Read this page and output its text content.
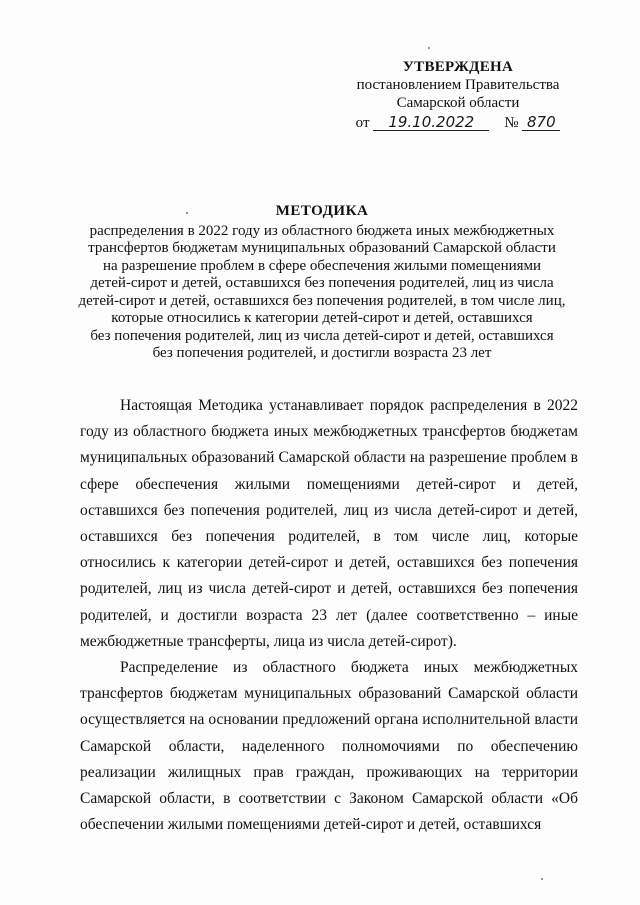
УТВЕРЖДЕНА
постановлением Правительства
Самарской области
от 19.10.2022 № 870
МЕТОДИКА
распределения в 2022 году из областного бюджета иных межбюджетных
трансфертов бюджетам муниципальных образований Самарской области
на разрешение проблем в сфере обеспечения жилыми помещениями
детей-сирот и детей, оставшихся без попечения родителей, лиц из числа
детей-сирот и детей, оставшихся без попечения родителей, в том числе лиц,
которые относились к категории детей-сирот и детей, оставшихся
без попечения родителей, лиц из числа детей-сирот и детей, оставшихся
без попечения родителей, и достигли возраста 23 лет

Настоящая Методика устанавливает порядок распределения в 2022 году из областного бюджета иных межбюджетных трансфертов бюджетам муниципальных образований Самарской области на разрешение проблем в сфере обеспечения жилыми помещениями детей-сирот и детей, оставшихся без попечения родителей, лиц из числа детей-сирот и детей, оставшихся без попечения родителей, в том числе лиц, которые относились к категории детей-сирот и детей, оставшихся без попечения родителей, лиц из числа детей-сирот и детей, оставшихся без попечения родителей, и достигли возраста 23 лет (далее соответственно – иные межбюджетные трансферты, лица из числа детей-сирот).

Распределение из областного бюджета иных межбюджетных трансфертов бюджетам муниципальных образований Самарской области осуществляется на основании предложений органа исполнительной власти Самарской области, наделенного полномочиями по обеспечению реализации жилищных прав граждан, проживающих на территории Самарской области, в соответствии с Законом Самарской области «Об обеспечении жилыми помещениями детей-сирот и детей, оставшихся
